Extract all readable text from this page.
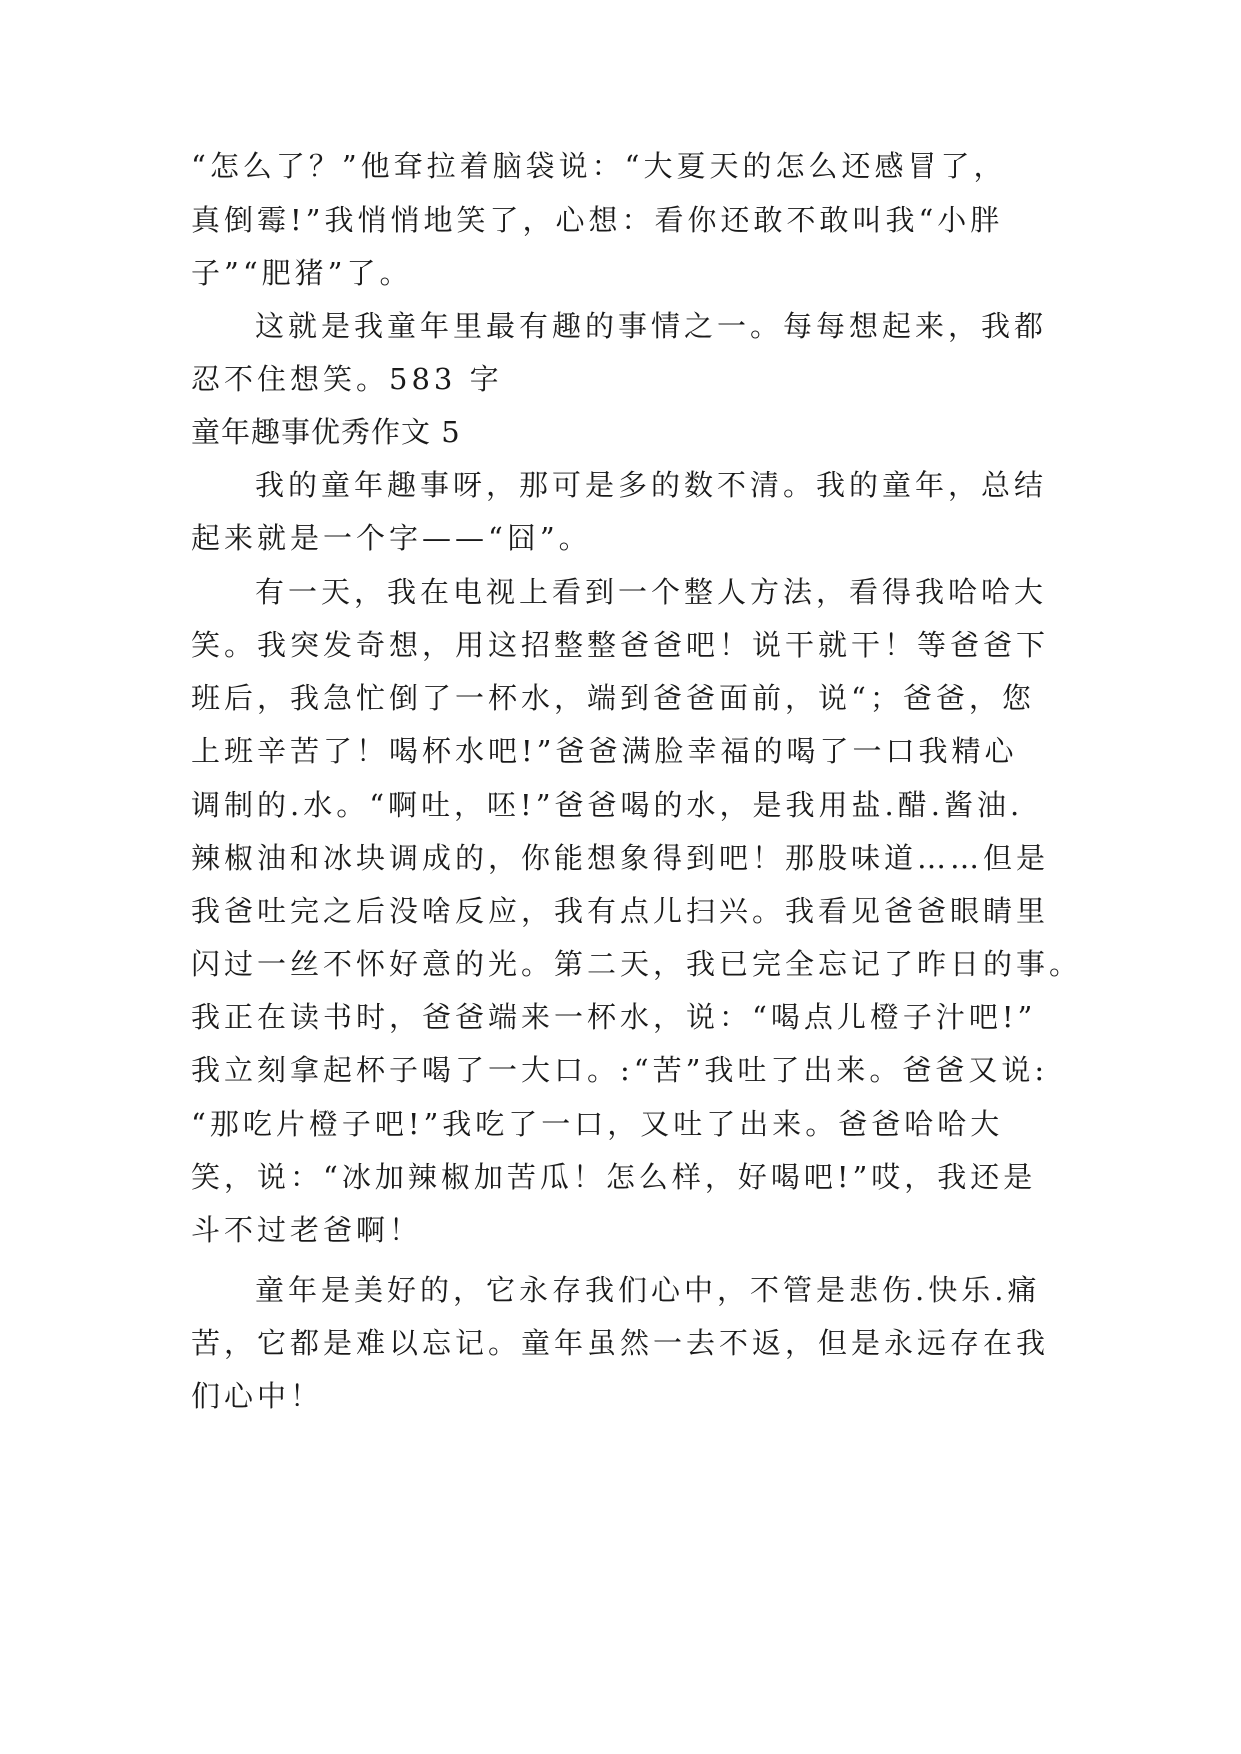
“怎么了？”他耷拉着脑袋说：“大夏天的怎么还感冒了，
真倒霉!”我悄悄地笑了，心想：看你还敢不敢叫我“小胖
子”“肥猪”了。
这就是我童年里最有趣的事情之一。每每想起来，我都
忍不住想笑。583 字
童年趣事优秀作文 5
我的童年趣事呀，那可是多的数不清。我的童年，总结
起来就是一个字——“囧”。
有一天，我在电视上看到一个整人方法，看得我哈哈大
笑。我突发奇想，用这招整整爸爸吧！说干就干！等爸爸下
班后，我急忙倒了一杯水，端到爸爸面前，说“；爸爸，您
上班辛苦了！喝杯水吧!”爸爸满脸幸福的喝了一口我精心
调制的.水。“啊吐，呸!”爸爸喝的水，是我用盐.醋.酱油.
辣椒油和冰块调成的，你能想象得到吧！那股味道……但是
我爸吐完之后没啥反应，我有点儿扫兴。我看见爸爸眼睛里
闪过一丝不怀好意的光。第二天，我已完全忘记了昨日的事。
我正在读书时，爸爸端来一杯水，说：“喝点儿橙子汁吧!”
我立刻拿起杯子喝了一大口。:“苦”我吐了出来。爸爸又说:
“那吃片橙子吧!”我吃了一口，又吐了出来。爸爸哈哈大
笑，说：“冰加辣椒加苦瓜！怎么样，好喝吧!”哎，我还是
斗不过老爸啊！
童年是美好的，它永存我们心中，不管是悲伤.快乐.痛
苦，它都是难以忘记。童年虽然一去不返，但是永远存在我
们心中！
